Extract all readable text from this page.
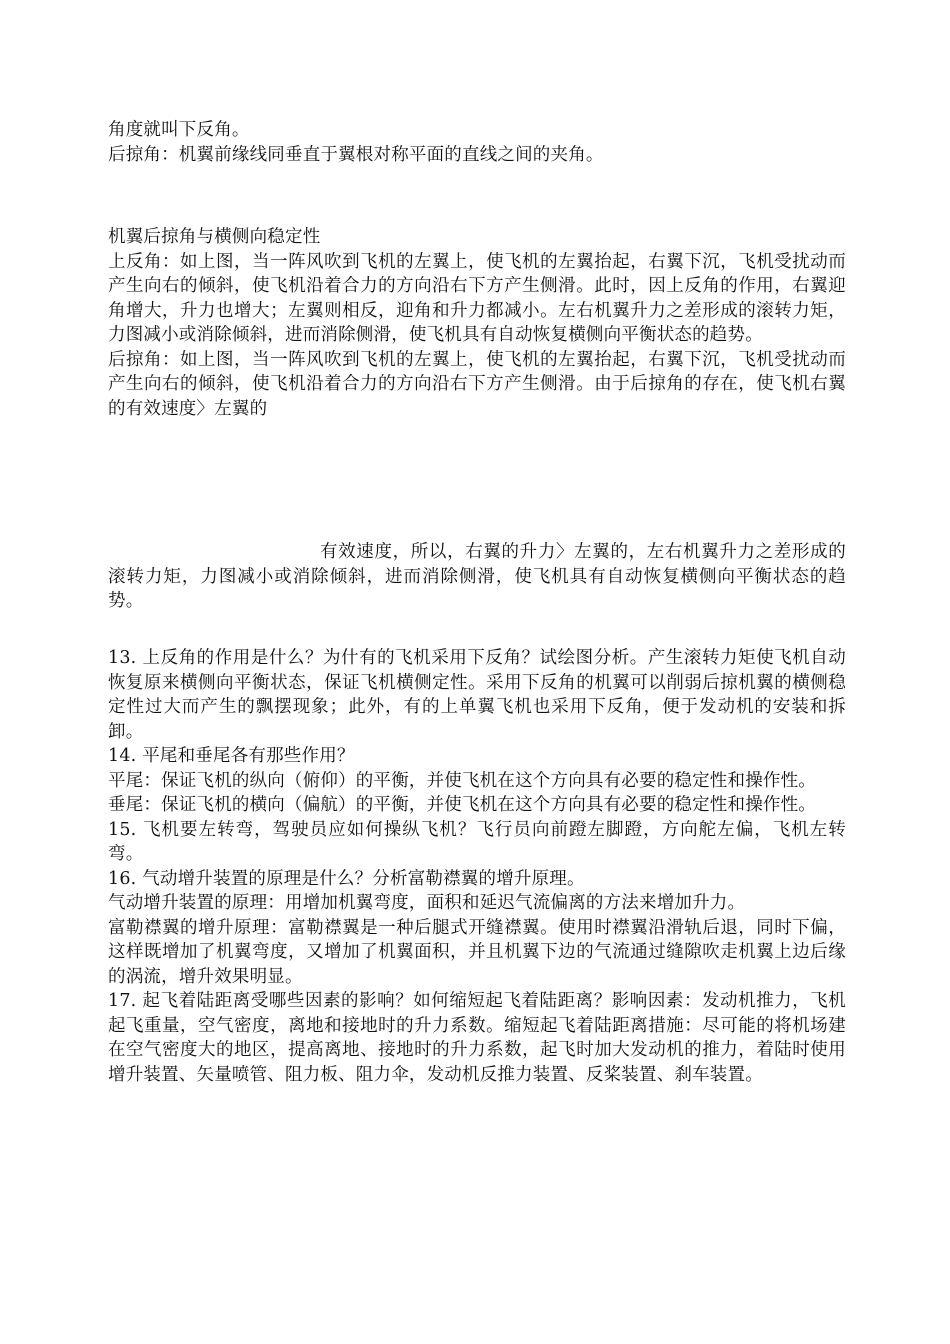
角度就叫下反角。

后掠角：机翼前缘线同垂直于翼根对称平面的直线之间的夹角。

机翼后掠角与横侧向稳定性

上反角：如上图，当一阵风吹到飞机的左翼上，使飞机的左翼抬起，右翼下沉，飞机受扰动而产生向右的倾斜，使飞机沿着合力的方向沿右下方产生侧滑。此时，因上反角的作用，右翼迎角增大，升力也增大；左翼则相反，迎角和升力都减小。左右机翼升力之差形成的滚转力矩，力图减小或消除倾斜，进而消除侧滑，使飞机具有自动恢复横侧向平衡状态的趋势。

后掠角：如上图，当一阵风吹到飞机的左翼上，使飞机的左翼抬起，右翼下沉，飞机受扰动而产生向右的倾斜，使飞机沿着合力的方向沿右下方产生侧滑。由于后掠角的存在，使飞机右翼的有效速度〉左翼的

有效速度，所以，右翼的升力〉左翼的，左右机翼升力之差形成的滚转力矩，力图减小或消除倾斜，进而消除侧滑，使飞机具有自动恢复横侧向平衡状态的趋势。

13. 上反角的作用是什么？为什有的飞机采用下反角？试绘图分析。产生滚转力矩使飞机自动恢复原来横侧向平衡状态，保证飞机横侧定性。采用下反角的机翼可以削弱后掠机翼的横侧稳定性过大而产生的飘摆现象；此外，有的上单翼飞机也采用下反角，便于发动机的安装和拆卸。

14. 平尾和垂尾各有那些作用？

平尾：保证飞机的纵向（俯仰）的平衡，并使飞机在这个方向具有必要的稳定性和操作性。

垂尾：保证飞机的横向（偏航）的平衡，并使飞机在这个方向具有必要的稳定性和操作性。

15. 飞机要左转弯，驾驶员应如何操纵飞机？飞行员向前蹬左脚蹬，方向舵左偏，飞机左转弯。

16. 气动增升装置的原理是什么？分析富勒襟翼的增升原理。

气动增升装置的原理：用增加机翼弯度，面积和延迟气流偏离的方法来增加升力。

富勒襟翼的增升原理：富勒襟翼是一种后腿式开缝襟翼。使用时襟翼沿滑轨后退，同时下偏，这样既增加了机翼弯度，又增加了机翼面积，并且机翼下边的气流通过缝隙吹走机翼上边后缘的涡流，增升效果明显。

17. 起飞着陆距离受哪些因素的影响？如何缩短起飞着陆距离？影响因素：发动机推力，飞机起飞重量，空气密度，离地和接地时的升力系数。缩短起飞着陆距离措施：尽可能的将机场建在空气密度大的地区，提高离地、接地时的升力系数，起飞时加大发动机的推力，着陆时使用增升装置、矢量喷管、阻力板、阻力伞，发动机反推力装置、反桨装置、刹车装置。
